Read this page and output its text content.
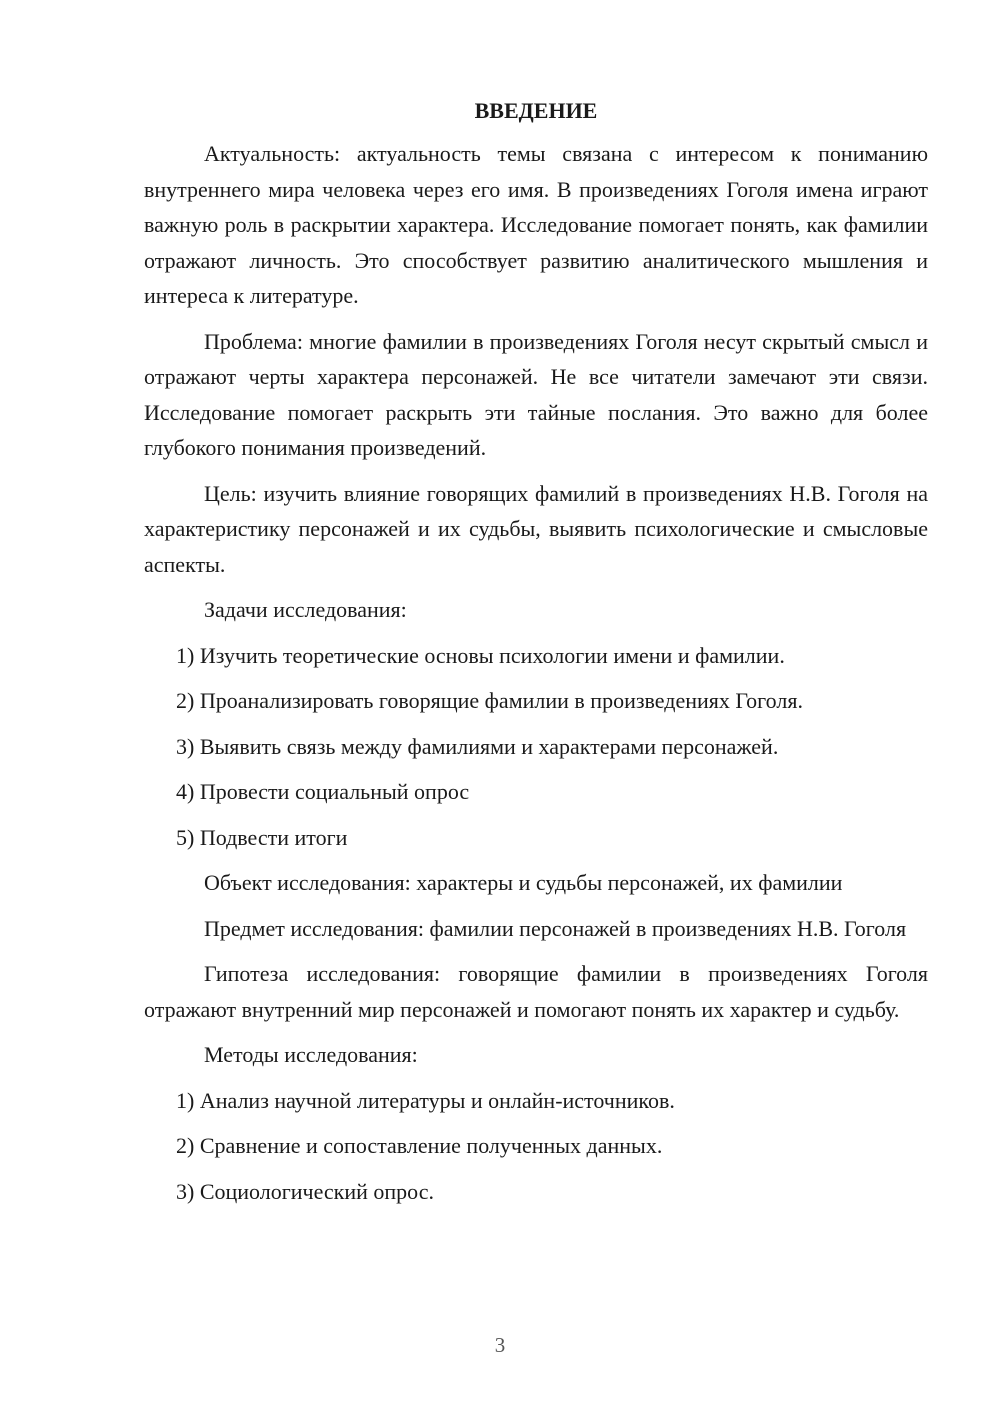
ВВЕДЕНИЕ

Актуальность: актуальность темы связана с интересом к пониманию внутреннего мира человека через его имя. В произведениях Гоголя имена играют важную роль в раскрытии характера. Исследование помогает понять, как фамилии отражают личность. Это способствует развитию аналитического мышления и интереса к литературе.

Проблема: многие фамилии в произведениях Гоголя несут скрытый смысл и отражают черты характера персонажей. Не все читатели замечают эти связи. Исследование помогает раскрыть эти тайные послания. Это важно для более глубокого понимания произведений.

Цель: изучить влияние говорящих фамилий в произведениях Н.В. Гоголя на характеристику персонажей и их судьбы, выявить психологические и смысловые аспекты.

Задачи исследования:
1) Изучить теоретические основы психологии имени и фамилии.
2) Проанализировать говорящие фамилии в произведениях Гоголя.
3) Выявить связь между фамилиями и характерами персонажей.
4) Провести социальный опрос
5) Подвести итоги

Объект исследования: характеры и судьбы персонажей, их фамилии

Предмет исследования: фамилии персонажей в произведениях Н.В. Гоголя

Гипотеза исследования: говорящие фамилии в произведениях Гоголя отражают внутренний мир персонажей и помогают понять их характер и судьбу.

Методы исследования:
1) Анализ научной литературы и онлайн-источников.
2) Сравнение и сопоставление полученных данных.
3) Социологический опрос.
3
